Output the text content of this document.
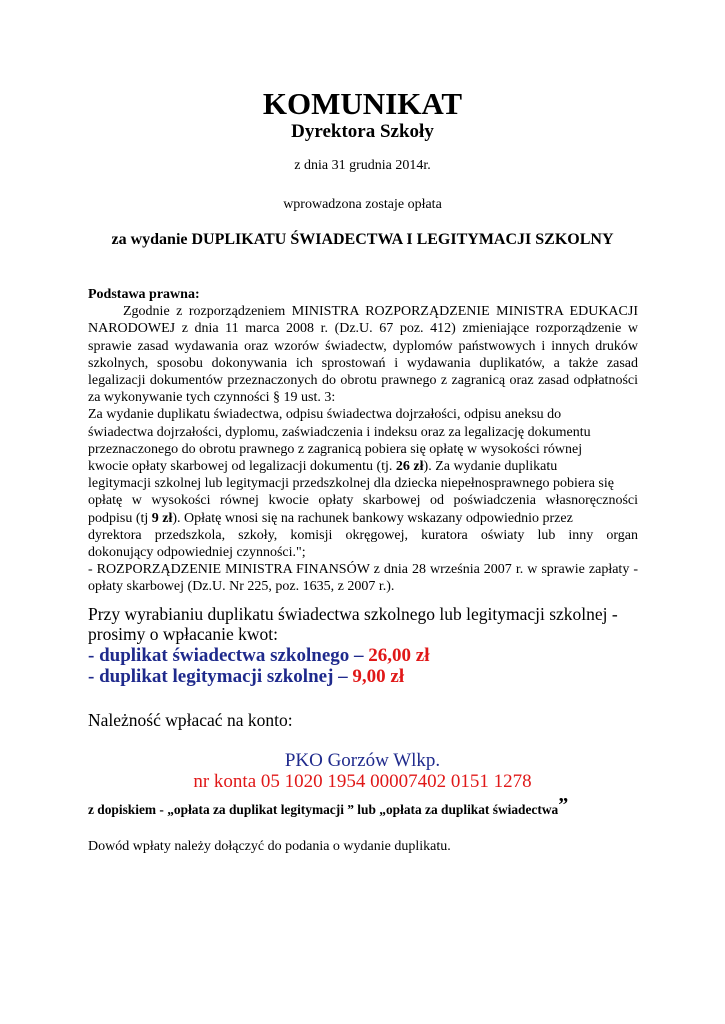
KOMUNIKAT
Dyrektora Szkoły
z dnia 31 grudnia 2014r.
wprowadzona zostaje opłata
za wydanie DUPLIKATU ŚWIADECTWA I LEGITYMACJI SZKOLNY
Podstawa prawna:

Zgodnie z rozporządzeniem MINISTRA ROZPORZĄDZENIE MINISTRA EDUKACJI NARODOWEJ z dnia 11 marca 2008 r. (Dz.U. 67 poz. 412) zmieniające rozporządzenie w sprawie zasad wydawania oraz wzorów świadectw, dyplomów państwowych i innych druków szkolnych, sposobu dokonywania ich sprostowań i wydawania duplikatów, a także zasad legalizacji dokumentów przeznaczonych do obrotu prawnego z zagranicą oraz zasad odpłatności za wykonywanie tych czynności § 19 ust. 3:

Za wydanie duplikatu świadectwa, odpisu świadectwa dojrzałości, odpisu aneksu do

świadectwa dojrzałości, dyplomu, zaświadczenia i indeksu oraz za legalizację dokumentu

przeznaczonego do obrotu prawnego z zagranicą pobiera się opłatę w wysokości równej

kwocie opłaty skarbowej od legalizacji dokumentu (tj. 26 zł). Za wydanie duplikatu

legitymacji szkolnej lub legitymacji przedszkolnej dla dziecka niepełnosprawnego pobiera się

opłatę w wysokości równej kwocie opłaty skarbowej od poświadczenia własnoręczności

podpisu (tj 9 zł). Opłatę wnosi się na rachunek bankowy wskazany odpowiednio przez

dyrektora przedszkola, szkoły, komisji okręgowej, kuratora oświaty lub inny organ

dokonujący odpowiedniej czynności.";

- ROZPORZĄDZENIE MINISTRA FINANSÓW z dnia 28 września 2007 r. w sprawie zapłaty - opłaty skarbowej (Dz.U. Nr 225, poz. 1635, z 2007 r.).

Przy wyrabianiu duplikatu świadectwa szkolnego lub legitymacji szkolnej - prosimy o wpłacanie kwot:

- duplikat świadectwa szkolnego – 26,00 zł
- duplikat legitymacji szkolnej – 9,00 zł
Należność wpłacać na konto:
PKO Gorzów Wlkp.
nr konta 05 1020 1954 00007402 0151 1278
z dopiskiem - „opłata za duplikat legitymacji ” lub „opłata za duplikat świadectwa”
Dowód wpłaty należy dołączyć do podania o wydanie duplikatu.
